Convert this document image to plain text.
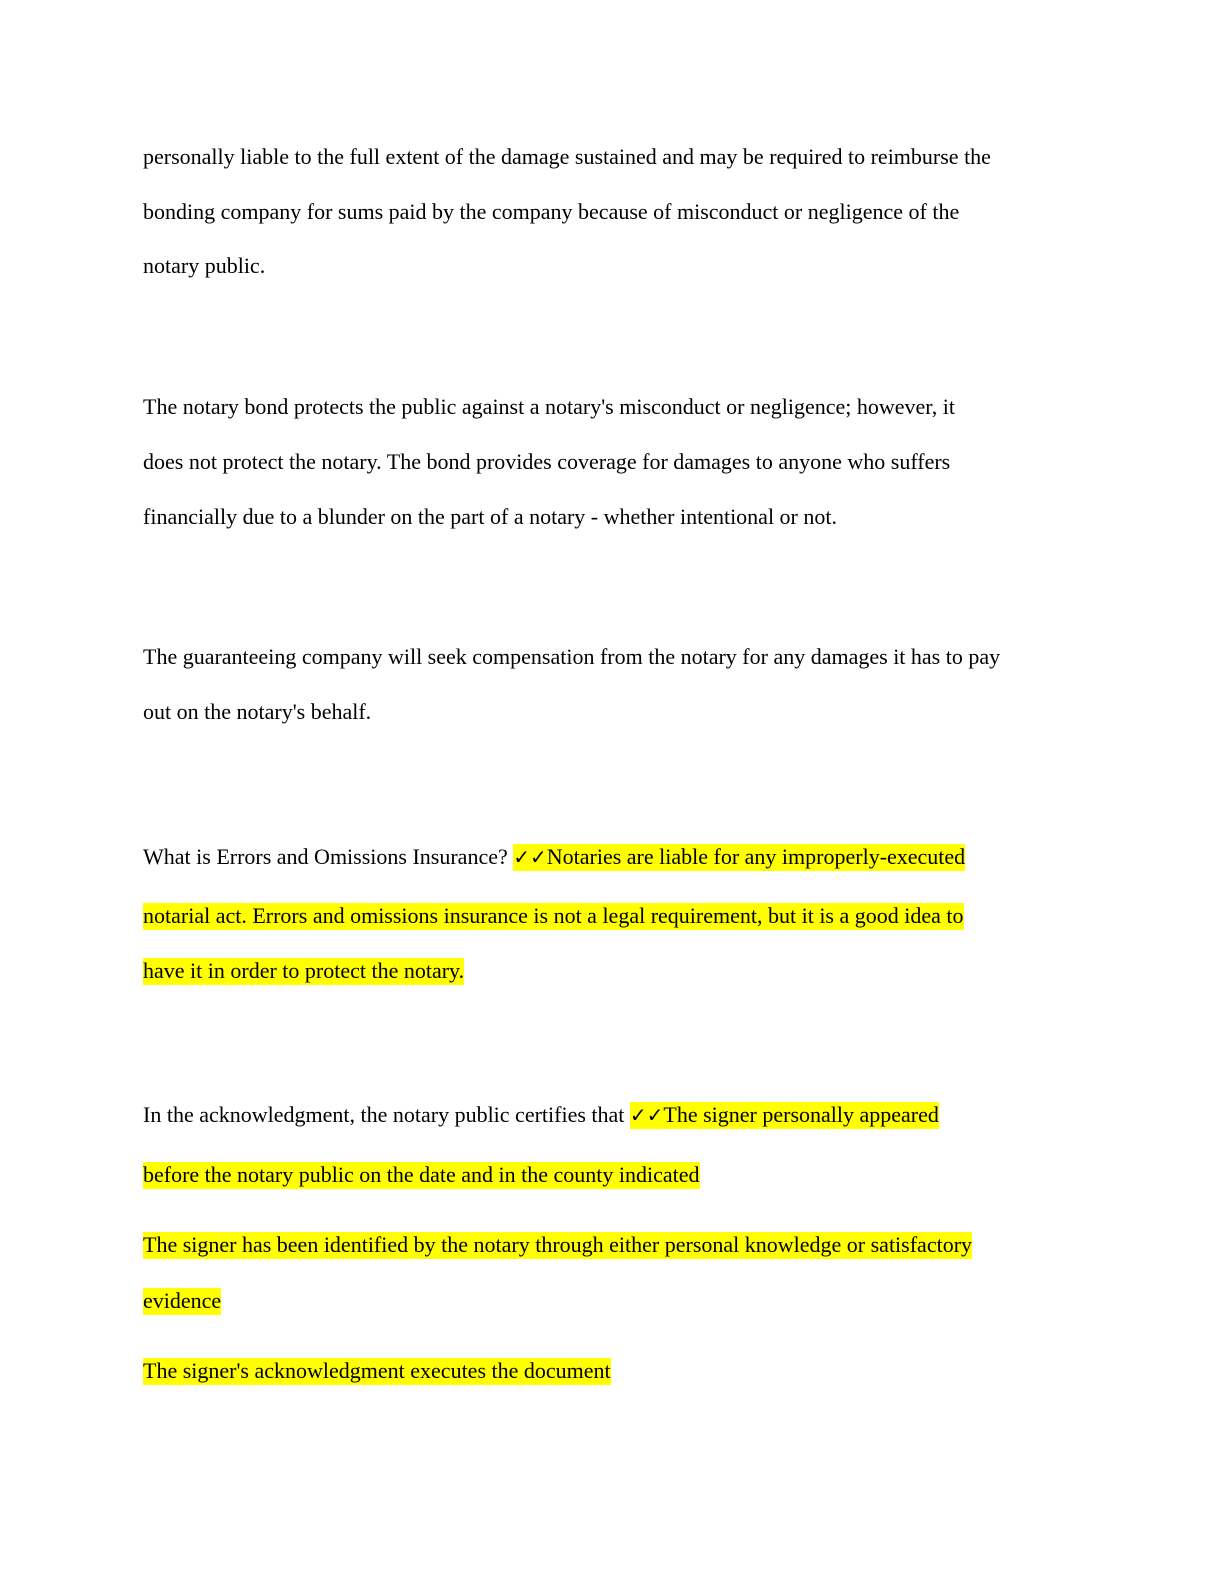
personally liable to the full extent of the damage sustained and may be required to reimburse the
bonding company for sums paid by the company because of misconduct or negligence of the
notary public.
The notary bond protects the public against a notary's misconduct or negligence; however, it
does not protect the notary. The bond provides coverage for damages to anyone who suffers
financially due to a blunder on the part of a notary - whether intentional or not.
The guaranteeing company will seek compensation from the notary for any damages it has to pay
out on the notary's behalf.
What is Errors and Omissions Insurance? ✓✓Notaries are liable for any improperly-executed
notarial act. Errors and omissions insurance is not a legal requirement, but it is a good idea to
have it in order to protect the notary.
In the acknowledgment, the notary public certifies that ✓✓The signer personally appeared
before the notary public on the date and in the county indicated
The signer has been identified by the notary through either personal knowledge or satisfactory
evidence
The signer's acknowledgment executes the document
